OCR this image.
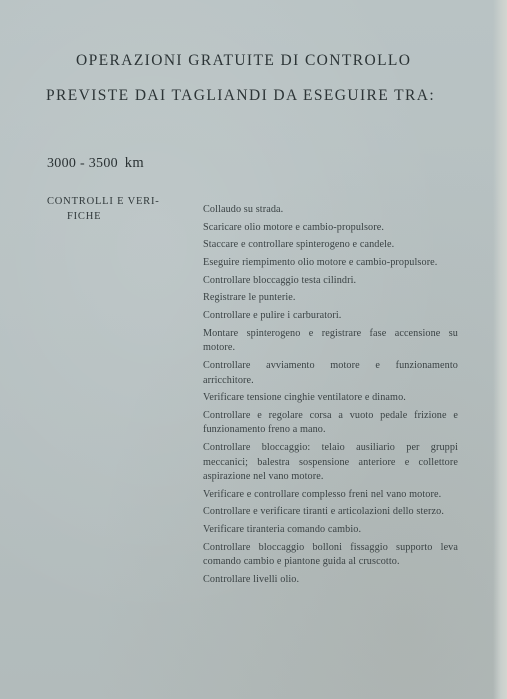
OPERAZIONI GRATUITE DI CONTROLLO
PREVISTE DAI TAGLIANDI DA ESEGUIRE TRA:
3000 - 3500 km
CONTROLLI E VERI-
FICHE
Collaudo su strada.
Scaricare olio motore e cambio-propulsore.
Staccare e controllare spinterogeno e candele.
Eseguire riempimento olio motore e cambio-propulsore.
Controllare bloccaggio testa cilindri.
Registrare le punterie.
Controllare e pulire i carburatori.
Montare spinterogeno e registrare fase accensione su motore.
Controllare avviamento motore e funzionamento arricchitore.
Verificare tensione cinghie ventilatore e dinamo.
Controllare e regolare corsa a vuoto pedale frizione e funzionamento freno a mano.
Controllare bloccaggio: telaio ausiliario per gruppi meccanici; balestra sospensione anteriore e collettore aspirazione nel vano motore.
Verificare e controllare complesso freni nel vano motore.
Controllare e verificare tiranti e articolazioni dello sterzo.
Verificare tiranteria comando cambio.
Controllare bloccaggio bolloni fissaggio supporto leva comando cambio e piantone guida al cruscotto.
Controllare livelli olio.
